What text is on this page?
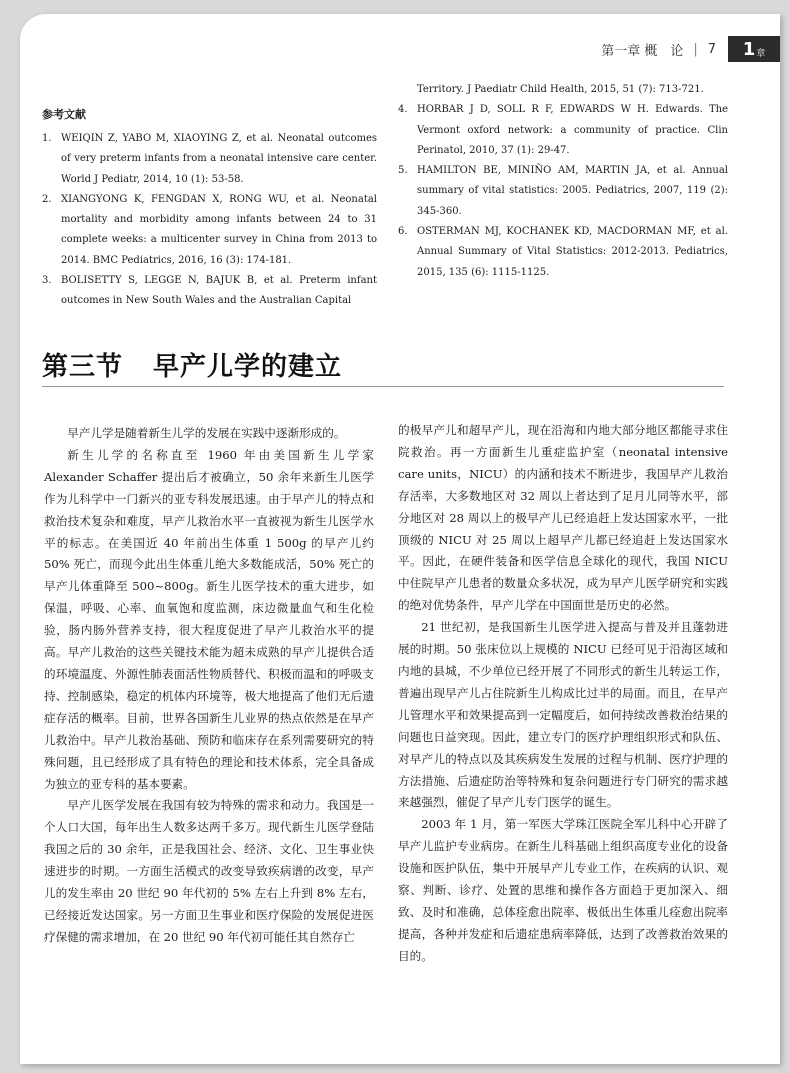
第一章 概　论 | 7 1 章
参考文献
1. WEIQIN Z, YABO M, XIAOYING Z, et al. Neonatal outcomes of very preterm infants from a neonatal intensive care center. World J Pediatr, 2014, 10 (1): 53-58.
2. XIANGYONG K, FENGDAN X, RONG WU, et al. Neonatal mortality and morbidity among infants between 24 to 31 complete weeks: a multicenter survey in China from 2013 to 2014. BMC Pediatrics, 2016, 16 (3): 174-181.
3. BOLISETTY S, LEGGE N, BAJUK B, et al. Preterm infant outcomes in New South Wales and the Australian Capital
Territory. J Paediatr Child Health, 2015, 51 (7): 713-721.
4. HORBAR J D, SOLL R F, EDWARDS W H. Edwards. The Vermont oxford network: a community of practice. Clin Perinatol, 2010, 37 (1): 29-47.
5. HAMILTON BE, MINIÑO AM, MARTIN JA, et al. Annual summary of vital statistics: 2005. Pediatrics, 2007, 119 (2): 345-360.
6. OSTERMAN MJ, KOCHANEK KD, MACDORMAN MF, et al. Annual Summary of Vital Statistics: 2012-2013. Pediatrics, 2015, 135 (6): 1115-1125.
第三节 早产儿学的建立

早产儿学是随着新生儿学的发展在实践中逐渐形成的。

新生儿学的名称直至 1960 年由美国新生儿学家 Alexander Schaffer 提出后才被确立，50 余年来新生儿医学作为儿科学中一门新兴的亚专科发展迅速。由于早产儿的特点和救治技术复杂和难度，早产儿救治水平一直被视为新生儿医学水平的标志。在美国近 40 年前出生体重 1 500g 的早产儿约 50% 死亡，而现今此出生体重儿绝大多数能成活，50% 死亡的早产儿体重降至 500~800g。新生儿医学技术的重大进步，如保温，呼吸、心率、血氧饱和度监测，床边微量血气和生化检验，肠内肠外营养支持，很大程度促进了早产儿救治水平的提高。早产儿救治的这些关键技术能为超未成熟的早产儿提供合适的环境温度、外源性肺表面活性物质替代、积极而温和的呼吸支持、控制感染，稳定的机体内环境等，极大地提高了他们无后遗症存活的概率。目前，世界各国新生儿业界的热点依然是在早产儿救治中。早产儿救治基础、预防和临床存在系列需要研究的特殊问题，且已经形成了具有特色的理论和技术体系，完全具备成为独立的亚专科的基本要素。

早产儿医学发展在我国有较为特殊的需求和动力。我国是一个人口大国，每年出生人数多达两千多万。现代新生儿医学登陆我国之后的 30 余年，正是我国社会、经济、文化、卫生事业快速进步的时期。一方面生活模式的改变导致疾病谱的改变，早产儿的发生率由 20 世纪 90 年代初的 5% 左右上升到 8% 左右，已经接近发达国家。另一方面卫生事业和医疗保险的发展促进医疗保健的需求增加，在 20 世纪 90 年代初可能任其自然存亡

的极早产儿和超早产儿，现在沿海和内地大部分地区都能寻求住院救治。再一方面新生儿重症监护室（neonatal intensive care units，NICU）的内涵和技术不断进步，我国早产儿救治存活率，大多数地区对 32 周以上者达到了足月儿同等水平，部分地区对 28 周以上的极早产儿已经追赶上发达国家水平，一批顶级的 NICU 对 25 周以上超早产儿都已经追赶上发达国家水平。因此，在硬件装备和医学信息全球化的现代，我国 NICU 中住院早产儿患者的数量众多状况，成为早产儿医学研究和实践的绝对优势条件，早产儿学在中国面世是历史的必然。

21 世纪初，是我国新生儿医学进入提高与普及并且蓬勃进展的时期。50 张床位以上规模的 NICU 已经可见于沿海区域和内地的县城，不少单位已经开展了不同形式的新生儿转运工作，普遍出现早产儿占住院新生儿构成比过半的局面。而且，在早产儿管理水平和效果提高到一定幅度后，如何持续改善救治结果的问题也日益突现。因此，建立专门的医疗护理组织形式和队伍、对早产儿的特点以及其疾病发生发展的过程与机制、医疗护理的方法措施、后遗症防治等特殊和复杂问题进行专门研究的需求越来越强烈，催促了早产儿专门医学的诞生。

2003 年 1 月，第一军医大学珠江医院全军儿科中心开辟了早产儿监护专业病房。在新生儿科基础上组织高度专业化的设备设施和医护队伍，集中开展早产儿专业工作，在疾病的认识、观察、判断、诊疗、处置的思维和操作各方面趋于更加深入、细致、及时和准确，总体痊愈出院率、极低出生体重儿痊愈出院率提高，各种并发症和后遗症患病率降低，达到了改善救治效果的目的。
